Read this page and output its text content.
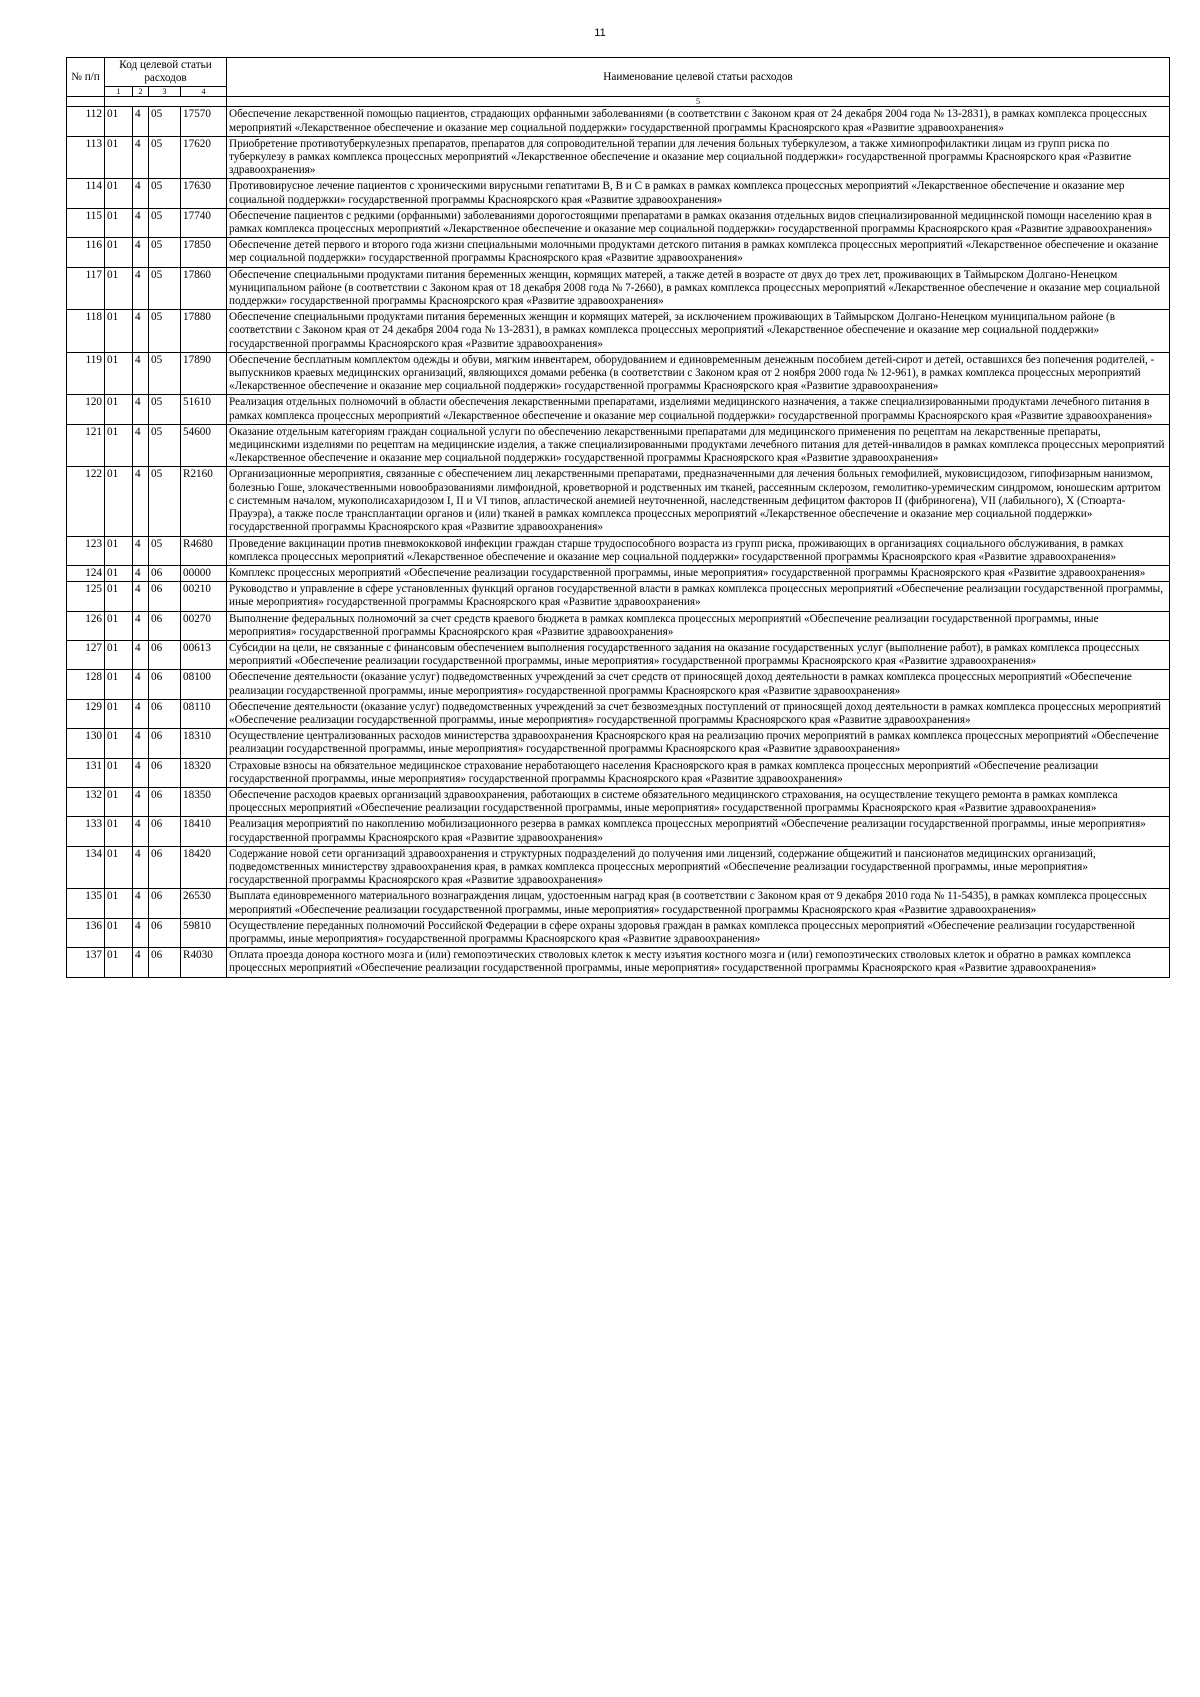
11
№ п/п	Код целевой статьи расходов				Наименование целевой статьи расходов
	1	2	3	4	
					5
112	01	4	05	17570	Обеспечение лекарственной помощью пациентов, страдающих орфанными заболеваниями (в соответствии с Законом края от 24 декабря 2004 года № 13-2831), в рамках комплекса процессных мероприятий «Лекарственное обеспечение и оказание мер социальной поддержки» государственной программы Красноярского края «Развитие здравоохранения»
113	01	4	05	17620	Приобретение противотуберкулезных препаратов, препаратов для сопроводительной терапии для лечения больных туберкулезом, а также химиопрофилактики лицам из групп риска по туберкулезу в рамках комплекса процессных мероприятий «Лекарственное обеспечение и оказание мер социальной поддержки» государственной программы Красноярского края «Развитие здравоохранения»
114	01	4	05	17630	Противовирусное лечение пациентов с хроническими вирусными гепатитами B, B и C в рамках в рамках комплекса процессных мероприятий «Лекарственное обеспечение и оказание мер социальной поддержки» государственной программы Красноярского края «Развитие здравоохранения»
115	01	4	05	17740	Обеспечение пациентов с редкими (орфанными) заболеваниями дорогостоящими препаратами в рамках оказания отдельных видов специализированной медицинской помощи населению края в рамках комплекса процессных мероприятий «Лекарственное обеспечение и оказание мер социальной поддержки» государственной программы Красноярского края «Развитие здравоохранения»
116	01	4	05	17850	Обеспечение детей первого и второго года жизни специальными молочными продуктами детского питания в рамках комплекса процессных мероприятий «Лекарственное обеспечение и оказание мер социальной поддержки» государственной программы Красноярского края «Развитие здравоохранения»
117	01	4	05	17860	Обеспечение специальными продуктами питания беременных женщин, кормящих матерей, а также детей в возрасте от двух до трех лет, проживающих в Таймырском Долгано-Ненецком муниципальном районе (в соответствии с Законом края от 18 декабря 2008 года № 7-2660), в рамках комплекса процессных мероприятий «Лекарственное обеспечение и оказание мер социальной поддержки» государственной программы Красноярского края «Развитие здравоохранения»
118	01	4	05	17880	Обеспечение специальными продуктами питания беременных женщин и кормящих матерей, за исключением проживающих в Таймырском Долгано-Ненецком муниципальном районе (в соответствии с Законом края от 24 декабря 2004 года № 13-2831), в рамках комплекса процессных мероприятий «Лекарственное обеспечение и оказание мер социальной поддержки» государственной программы Красноярского края «Развитие здравоохранения»
119	01	4	05	17890	Обеспечение бесплатным комплектом одежды и обуви, мягким инвентарем, оборудованием и единовременным денежным пособием детей-сирот и детей, оставшихся без попечения родителей, - выпускников краевых медицинских организаций, являющихся домами ребенка (в соответствии с Законом края от 2 ноября 2000 года № 12-961), в рамках комплекса процессных мероприятий «Лекарственное обеспечение и оказание мер социальной поддержки» государственной программы Красноярского края «Развитие здравоохранения»
120	01	4	05	51610	Реализация отдельных полномочий в области обеспечения лекарственными препаратами, изделиями медицинского назначения, а также специализированными продуктами лечебного питания в рамках комплекса процессных мероприятий «Лекарственное обеспечение и оказание мер социальной поддержки» государственной программы Красноярского края «Развитие здравоохранения»
121	01	4	05	54600	Оказание отдельным категориям граждан социальной услуги по обеспечению лекарственными препаратами для медицинского применения по рецептам на лекарственные препараты, медицинскими изделиями по рецептам на медицинские изделия, а также специализированными продуктами лечебного питания для детей-инвалидов в рамках комплекса процессных мероприятий «Лекарственное обеспечение и оказание мер социальной поддержки» государственной программы Красноярского края «Развитие здравоохранения»
122	01	4	05	R2160	Организационные мероприятия, связанные с обеспечением лиц лекарственными препаратами, предназначенными для лечения больных гемофилией, муковисцидозом, гипофизарным нанизмом, болезнью Гоше, злокачественными новообразованиями лимфоидной, кроветворной и родственных им тканей, рассеянным склерозом, гемолитико-уремическим синдромом, юношеским артритом с системным началом, мукополисахаридозом I, II и VI типов, апластической анемией неуточненной, наследственным дефицитом факторов II (фибриногена), VII (лабильного), X (Стюарта-Прауэра), а также после трансплантации органов и (или) тканей в рамках комплекса процессных мероприятий «Лекарственное обеспечение и оказание мер социальной поддержки» государственной программы Красноярского края «Развитие здравоохранения»
123	01	4	05	R4680	Проведение вакцинации против пневмококковой инфекции граждан старше трудоспособного возраста из групп риска, проживающих в организациях социального обслуживания, в рамках комплекса процессных мероприятий «Лекарственное обеспечение и оказание мер социальной поддержки» государственной программы Красноярского края «Развитие здравоохранения»
124	01	4	06	00000	Комплекс процессных мероприятий «Обеспечение реализации государственной программы, иные мероприятия» государственной программы Красноярского края «Развитие здравоохранения»
125	01	4	06	00210	Руководство и управление в сфере установленных функций органов государственной власти в рамках комплекса процессных мероприятий «Обеспечение реализации государственной программы, иные мероприятия» государственной программы Красноярского края «Развитие здравоохранения»
126	01	4	06	00270	Выполнение федеральных полномочий за счет средств краевого бюджета в рамках комплекса процессных мероприятий «Обеспечение реализации государственной программы, иные мероприятия» государственной программы Красноярского края «Развитие здравоохранения»
127	01	4	06	00613	Субсидии на цели, не связанные с финансовым обеспечением выполнения государственного задания на оказание государственных услуг (выполнение работ), в рамках комплекса процессных мероприятий «Обеспечение реализации государственной программы, иные мероприятия» государственной программы Красноярского края «Развитие здравоохранения»
128	01	4	06	08100	Обеспечение деятельности (оказание услуг) подведомственных учреждений за счет средств от приносящей доход деятельности в рамках комплекса процессных мероприятий «Обеспечение реализации государственной программы, иные мероприятия» государственной программы Красноярского края «Развитие здравоохранения»
129	01	4	06	08110	Обеспечение деятельности (оказание услуг) подведомственных учреждений за счет безвозмездных поступлений от приносящей доход деятельности в рамках комплекса процессных мероприятий «Обеспечение реализации государственной программы, иные мероприятия» государственной программы Красноярского края «Развитие здравоохранения»
130	01	4	06	18310	Осуществление централизованных расходов министерства здравоохранения Красноярского края на реализацию прочих мероприятий в рамках комплекса процессных мероприятий «Обеспечение реализации государственной программы, иные мероприятия» государственной программы Красноярского края «Развитие здравоохранения»
131	01	4	06	18320	Страховые взносы на обязательное медицинское страхование неработающего населения Красноярского края в рамках комплекса процессных мероприятий «Обеспечение реализации государственной программы, иные мероприятия» государственной программы Красноярского края «Развитие здравоохранения»
132	01	4	06	18350	Обеспечение расходов краевых организаций здравоохранения, работающих в системе обязательного медицинского страхования, на осуществление текущего ремонта в рамках комплекса процессных мероприятий «Обеспечение реализации государственной программы, иные мероприятия» государственной программы Красноярского края «Развитие здравоохранения»
133	01	4	06	18410	Реализация мероприятий по накоплению мобилизационного резерва в рамках комплекса процессных мероприятий «Обеспечение реализации государственной программы, иные мероприятия» государственной программы Красноярского края «Развитие здравоохранения»
134	01	4	06	18420	Содержание новой сети организаций здравоохранения и структурных подразделений до получения ими лицензий, содержание общежитий и пансионатов медицинских организаций, подведомственных министерству здравоохранения края, в рамках комплекса процессных мероприятий «Обеспечение реализации государственной программы, иные мероприятия» государственной программы Красноярского края «Развитие здравоохранения»
135	01	4	06	26530	Выплата единовременного материального вознаграждения лицам, удостоенным наград края (в соответствии с Законом края от 9 декабря 2010 года № 11-5435), в рамках комплекса процессных мероприятий «Обеспечение реализации государственной программы, иные мероприятия» государственной программы Красноярского края «Развитие здравоохранения»
136	01	4	06	59810	Осуществление переданных полномочий Российской Федерации в сфере охраны здоровья граждан в рамках комплекса процессных мероприятий «Обеспечение реализации государственной программы, иные мероприятия» государственной программы Красноярского края «Развитие здравоохранения»
137	01	4	06	R4030	Оплата проезда донора костного мозга и (или) гемопоэтических стволовых клеток к месту изъятия костного мозга и (или) гемопоэтических стволовых клеток и обратно в рамках комплекса процессных мероприятий «Обеспечение реализации государственной программы, иные мероприятия» государственной программы Красноярского края «Развитие здравоохранения»
